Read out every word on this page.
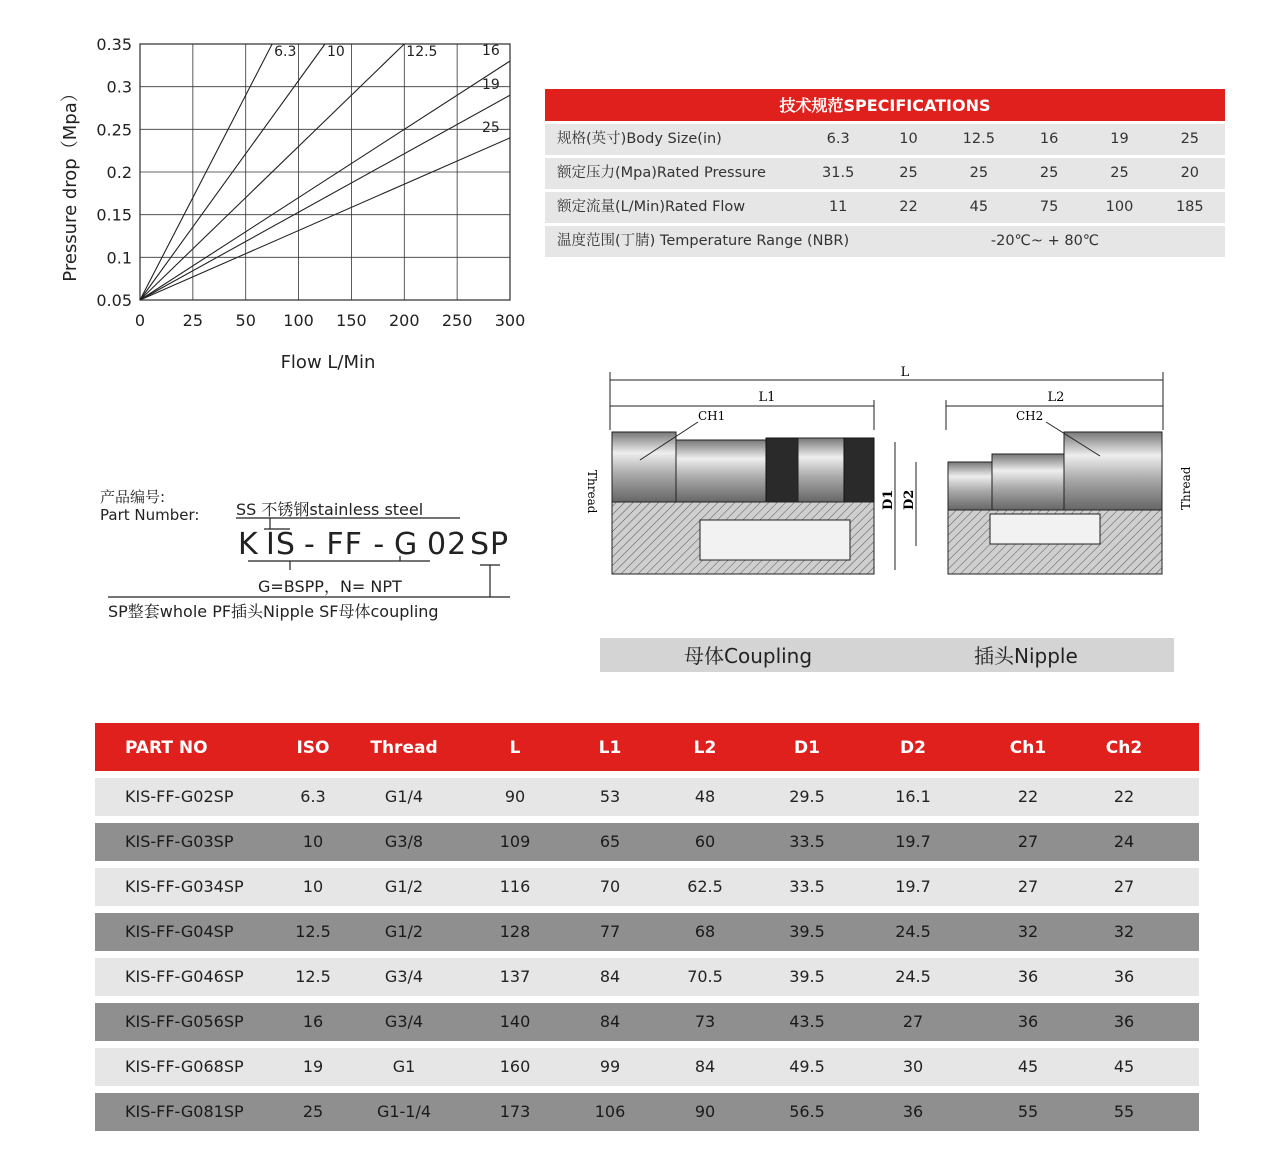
0 25 50 100 150 200 250 300
0.05
0.1
0.15
0.2
0.25
0.3
0.35	6.3 10	12.5	16
19
25
Flow L/Min
Pressure drop（Mpa）	技术规范SPECIFICATIONS
规格(英寸)Body Size(in)	6.3	10	12.5	16	19	25
额定压力(Mpa)Rated Pressure	31.5	25	25	25	25	20
额定流量(L/Min)Rated Flow	11	22	45	75	100	185
温度范围(丁腈) Temperature Range (NBR)	-20℃~ + 80℃
产品编号:
Part Number: SS 不锈钢stainless steel
K IS - FF - G 02 SP
G=BSPP，N= NPT
SP整套whole PF插头Nipple SF母体coupling
L
L1	L2
CH1
Thread	D1 D2
CH2
Thread
母体Coupling	插头Nipple
PART NO	ISO	Thread	L	L1	L2	D1	D2	Ch1	Ch2
KIS-FF-G02SP	6.3	G1/4	90	53	48	29.5	16.1	22	22
KIS-FF-G03SP	10	G3/8	109	65	60	33.5	19.7	27	24
KIS-FF-G034SP	10	G1/2	116	70	62.5	33.5	19.7	27	27
KIS-FF-G04SP	12.5	G1/2	128	77	68	39.5	24.5	32	32
KIS-FF-G046SP	12.5	G3/4	137	84	70.5	39.5	24.5	36	36
KIS-FF-G056SP	16	G3/4	140	84	73	43.5	27	36	36
KIS-FF-G068SP	19	G1	160	99	84	49.5	30	45	45
KIS-FF-G081SP	25	G1-1/4	173	106	90	56.5	36	55	55
